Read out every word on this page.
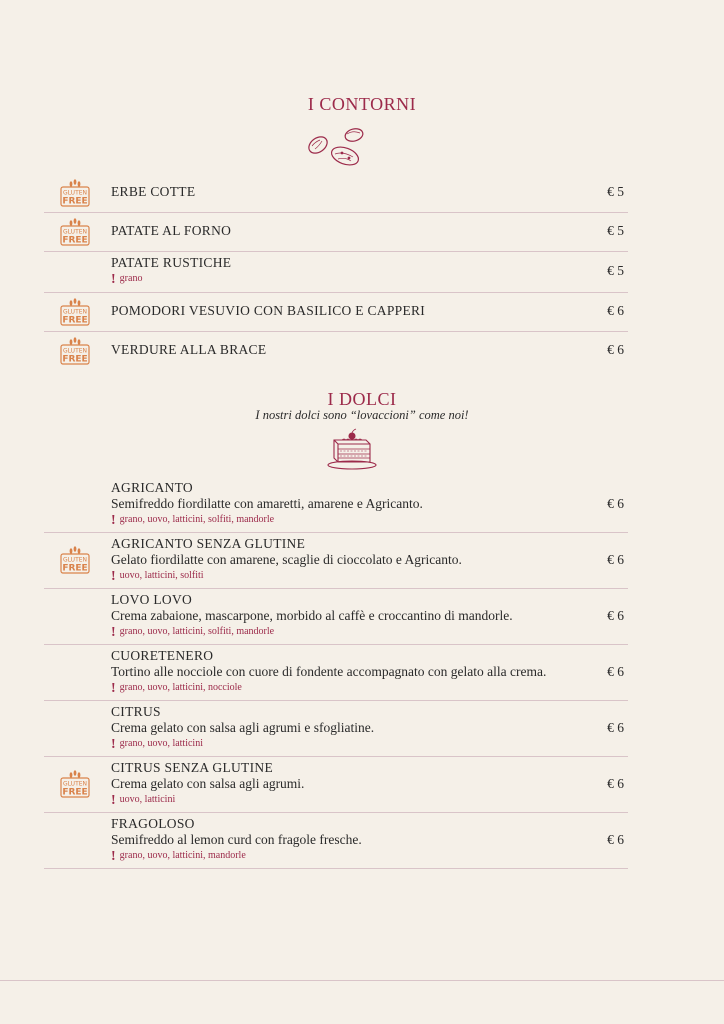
I CONTORNI
GLUTEN
FREE
ERBE COTTE	€ 5
GLUTEN
FREE
PATATE AL FORNO	€ 5
PATATE RUSTICHE
! grano
€ 5
GLUTEN
FREE
POMODORI VESUVIO CON BASILICO E CAPPERI	€ 6
GLUTEN
FREE
VERDURE ALLA BRACE	€ 6
I DOLCI
I nostri dolci sono “lovaccioni” come noi!
AGRICANTO
Semifreddo fiordilatte con amaretti, amarene e Agricanto.
! grano, uovo, latticini, solfiti, mandorle
€ 6
GLUTEN
FREE
AGRICANTO SENZA GLUTINE
Gelato fiordilatte con amarene, scaglie di cioccolato e Agricanto.
! uovo, latticini, solfiti
€ 6
LOVO LOVO
Crema zabaione, mascarpone, morbido al caffè e croccantino di mandorle.
! grano, uovo, latticini, solfiti, mandorle
€ 6
CUORETENERO
Tortino alle nocciole con cuore di fondente accompagnato con gelato alla crema.
! grano, uovo, latticini, nocciole
€ 6
CITRUS
Crema gelato con salsa agli agrumi e sfogliatine.
! grano, uovo, latticini
€ 6
GLUTEN
FREE
CITRUS SENZA GLUTINE
Crema gelato con salsa agli agrumi.
! uovo, latticini
€ 6
FRAGOLOSO
Semifreddo al lemon curd con fragole fresche.
! grano, uovo, latticini, mandorle
€ 6
